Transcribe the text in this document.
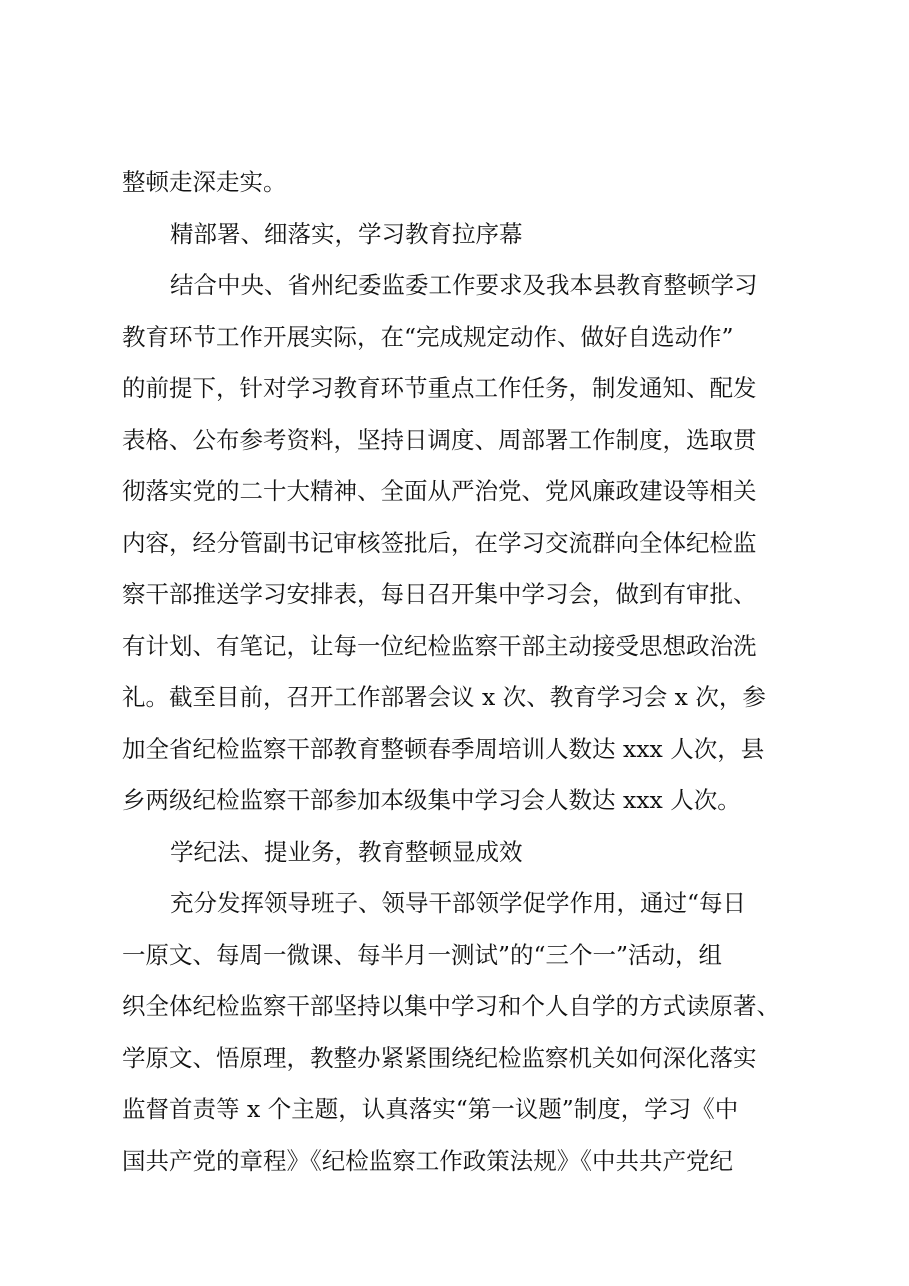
整顿走深走实。
精部署、细落实，学习教育拉序幕
结合中央、省州纪委监委工作要求及我本县教育整顿学习
教育环节工作开展实际，在“完成规定动作、做好自选动作”
的前提下，针对学习教育环节重点工作任务，制发通知、配发
表格、公布参考资料，坚持日调度、周部署工作制度，选取贯
彻落实党的二十大精神、全面从严治党、党风廉政建设等相关
内容，经分管副书记审核签批后，在学习交流群向全体纪检监
察干部推送学习安排表，每日召开集中学习会，做到有审批、
有计划、有笔记，让每一位纪检监察干部主动接受思想政治洗
礼。截至目前，召开工作部署会议 x 次、教育学习会 x 次，参
加全省纪检监察干部教育整顿春季周培训人数达 xxx 人次，县
乡两级纪检监察干部参加本级集中学习会人数达 xxx 人次。
学纪法、提业务，教育整顿显成效
充分发挥领导班子、领导干部领学促学作用，通过“每日
一原文、每周一微课、每半月一测试”的“三个一”活动，组
织全体纪检监察干部坚持以集中学习和个人自学的方式读原著、
学原文、悟原理，教整办紧紧围绕纪检监察机关如何深化落实
监督首责等 x 个主题，认真落实“第一议题”制度，学习《中
国共产党的章程》《纪检监察工作政策法规》《中共共产党纪
